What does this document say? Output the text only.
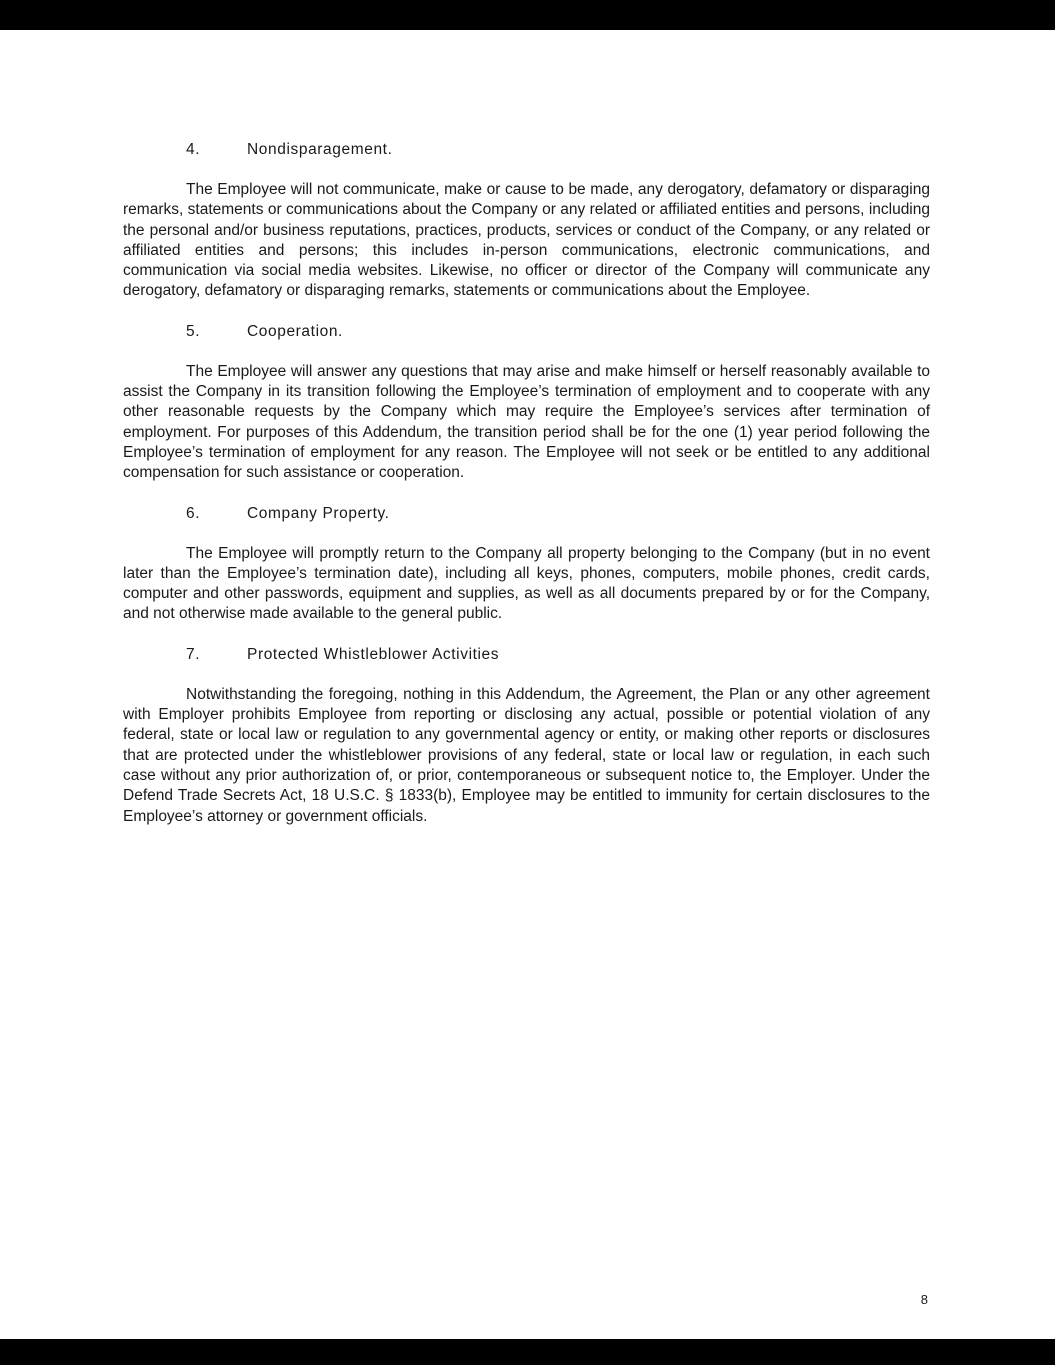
4.	Nondisparagement.

The Employee will not communicate, make or cause to be made, any derogatory, defamatory or disparaging remarks, statements or communications about the Company or any related or affiliated entities and persons, including the personal and/or business reputations, practices, products, services or conduct of the Company, or any related or affiliated entities and persons; this includes in-person communications, electronic communications, and communication via social media websites. Likewise, no officer or director of the Company will communicate any derogatory, defamatory or disparaging remarks, statements or communications about the Employee.

5.	Cooperation.

The Employee will answer any questions that may arise and make himself or herself reasonably available to assist the Company in its transition following the Employee’s termination of employment and to cooperate with any other reasonable requests by the Company which may require the Employee’s services after termination of employment. For purposes of this Addendum, the transition period shall be for the one (1) year period following the Employee’s termination of employment for any reason. The Employee will not seek or be entitled to any additional compensation for such assistance or cooperation.

6.	Company Property.

The Employee will promptly return to the Company all property belonging to the Company (but in no event later than the Employee’s termination date), including all keys, phones, computers, mobile phones, credit cards, computer and other passwords, equipment and supplies, as well as all documents prepared by or for the Company, and not otherwise made available to the general public.

7.	Protected Whistleblower Activities

Notwithstanding the foregoing, nothing in this Addendum, the Agreement, the Plan or any other agreement with Employer prohibits Employee from reporting or disclosing any actual, possible or potential violation of any federal, state or local law or regulation to any governmental agency or entity, or making other reports or disclosures that are protected under the whistleblower provisions of any federal, state or local law or regulation, in each such case without any prior authorization of, or prior, contemporaneous or subsequent notice to, the Employer. Under the Defend Trade Secrets Act, 18 U.S.C. § 1833(b), Employee may be entitled to immunity for certain disclosures to the Employee’s attorney or government officials.

8
